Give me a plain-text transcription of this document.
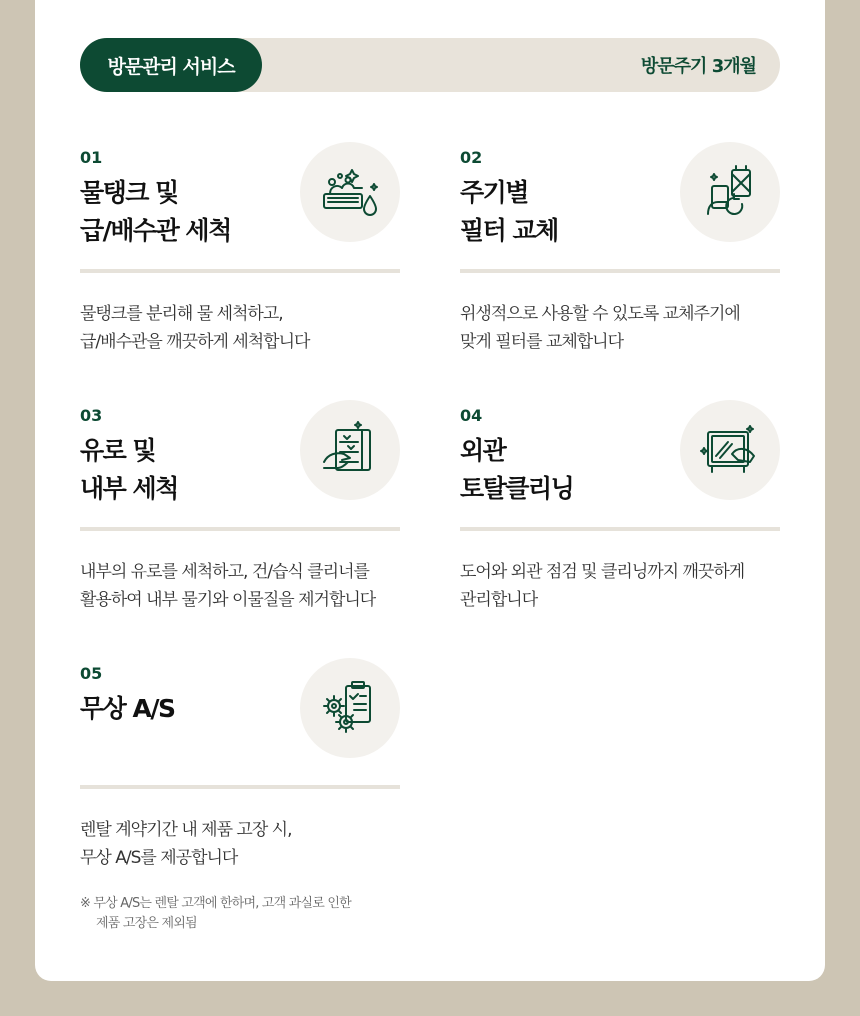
방문관리 서비스	방문주기 3개월
01
물탱크 및
급/배수관 세척
물탱크를 분리해 물 세척하고,
급/배수관을 깨끗하게 세척합니다
02
주기별
필터 교체
위생적으로 사용할 수 있도록 교체주기에
맞게 필터를 교체합니다
03
유로 및
내부 세척
내부의 유로를 세척하고, 건/습식 클리너를
활용하여 내부 물기와 이물질을 제거합니다
04
외관
토탈클리닝
도어와 외관 점검 및 클리닝까지 깨끗하게
관리합니다
05
무상 A/S
렌탈 계약기간 내 제품 고장 시,
무상 A/S를 제공합니다
※ 무상 A/S는 렌탈 고객에 한하며, 고객 과실로 인한
제품 고장은 제외됨
